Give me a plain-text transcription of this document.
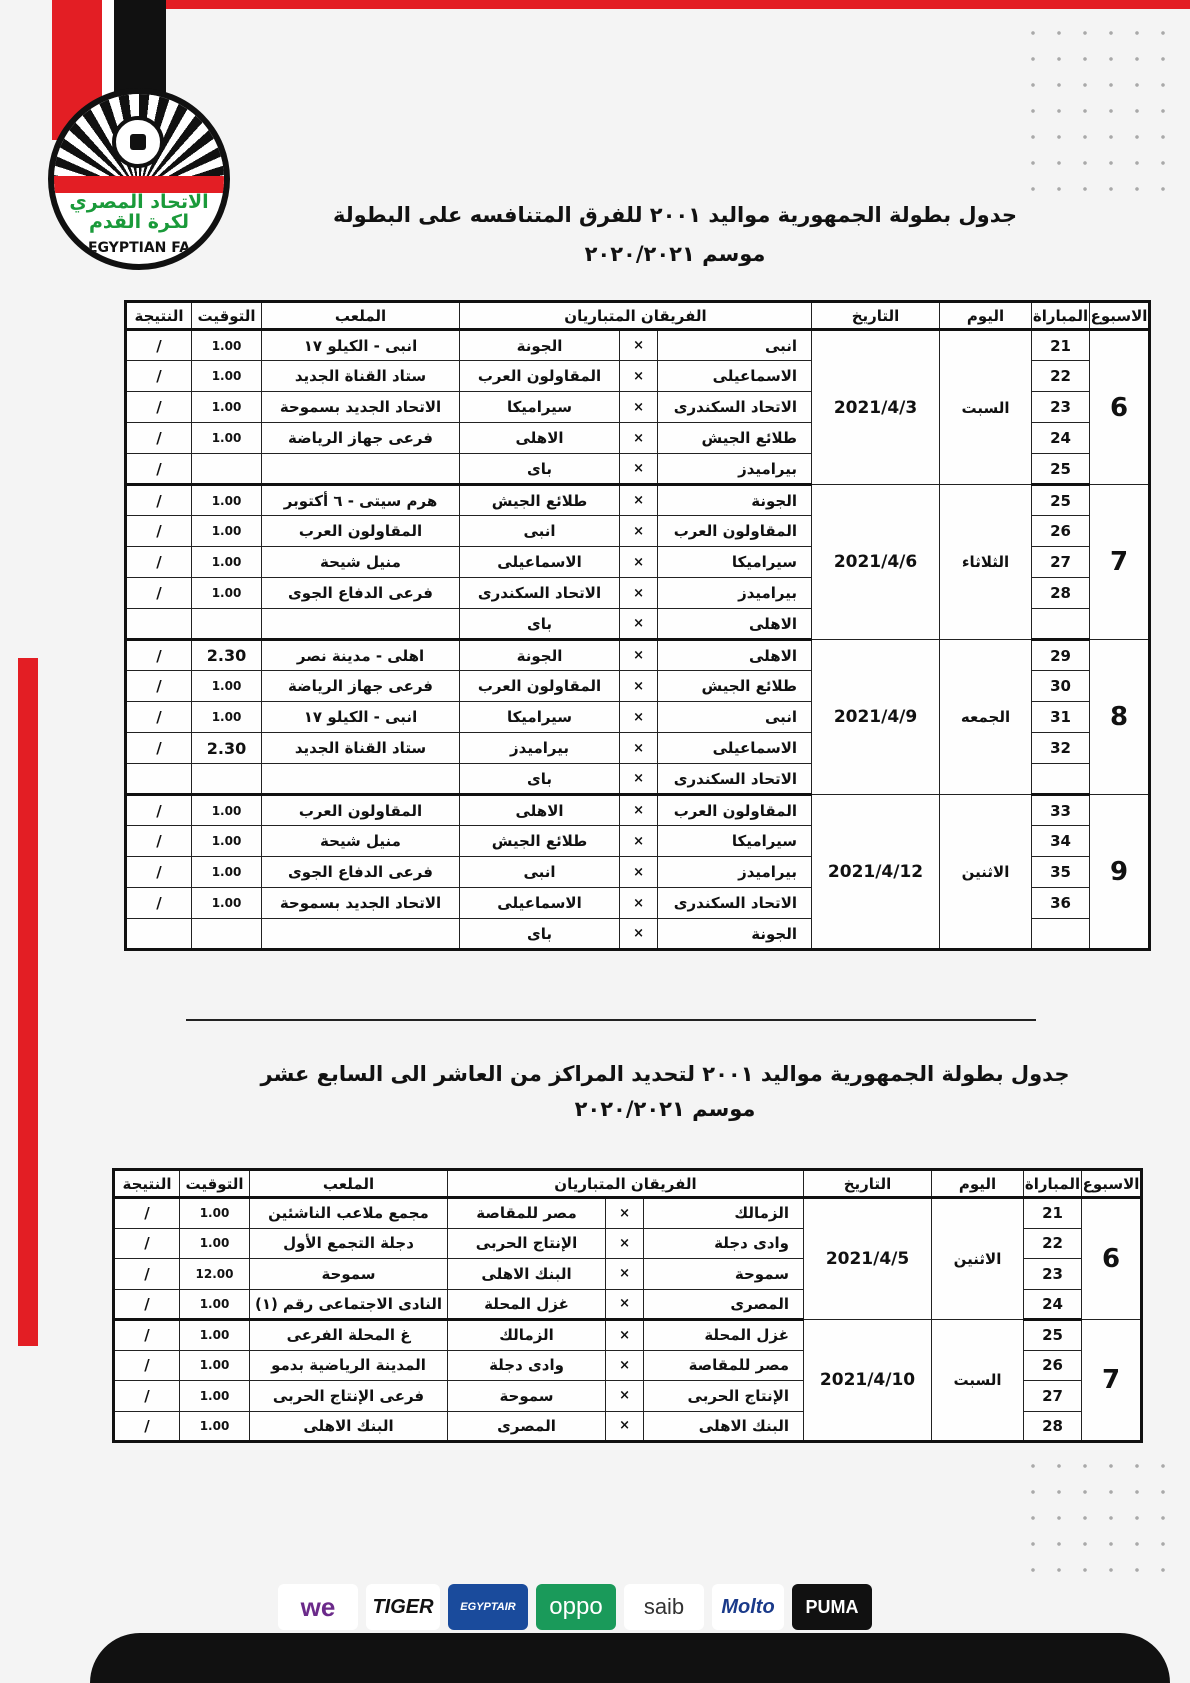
الاتحاد المصري
لكرة القدم
EGYPTIAN FA
جدول بطولة الجمهورية مواليد ٢٠٠١ للفرق المتنافسه على البطولة
موسم ٢٠٢٠/٢٠٢١
الاسبوع	المباراة	اليوم	التاريخ	الفريقان المتباريان			الملعب	التوقيت	النتيجة
6	21	السبت	2021/4/3	انبى	×	الجونة	انبى - الكيلو ١٧	1.00	/
	22			الاسماعيلى	×	المقاولون العرب	ستاد القناة الجديد	1.00	/
	23			الاتحاد السكندرى	×	سيراميكا	الاتحاد الجديد بسموحة	1.00	/
	24			طلائع الجيش	×	الاهلى	فرعى جهاز الرياضة	1.00	/
	25			بيراميدز	×	باى			/
7	25	الثلاثاء	2021/4/6	الجونة	×	طلائع الجيش	هرم سيتى - ٦ أكتوبر	1.00	/
	26			المقاولون العرب	×	انبى	المقاولون العرب	1.00	/
	27			سيراميكا	×	الاسماعيلى	منيل شيحة	1.00	/
	28			بيراميدز	×	الاتحاد السكندرى	فرعى الدفاع الجوى	1.00	/
				الاهلى	×	باى			
8	29	الجمعه	2021/4/9	الاهلى	×	الجونة	اهلى - مدينة نصر	2.30	/
	30			طلائع الجيش	×	المقاولون العرب	فرعى جهاز الرياضة	1.00	/
	31			انبى	×	سيراميكا	انبى - الكيلو ١٧	1.00	/
	32			الاسماعيلى	×	بيراميدز	ستاد القناة الجديد	2.30	/
				الاتحاد السكندرى	×	باى			
9	33	الاثنين	2021/4/12	المقاولون العرب	×	الاهلى	المقاولون العرب	1.00	/
	34			سيراميكا	×	طلائع الجيش	منيل شيحة	1.00	/
	35			بيراميدز	×	انبى	فرعى الدفاع الجوى	1.00	/
	36			الاتحاد السكندرى	×	الاسماعيلى	الاتحاد الجديد بسموحة	1.00	/
				الجونة	×	باى			
جدول بطولة الجمهورية مواليد ٢٠٠١ لتحديد المراكز من العاشر الى السابع عشر
موسم ٢٠٢٠/٢٠٢١
الاسبوع	المباراة	اليوم	التاريخ	الفريقان المتباريان			الملعب	التوقيت	النتيجة
6	21	الاثنين	2021/4/5	الزمالك	×	مصر للمقاصة	مجمع ملاعب الناشئين	1.00	/
	22			وادى دجلة	×	الإنتاج الحربى	دجلة التجمع الأول	1.00	/
	23			سموحة	×	البنك الاهلى	سموحة	12.00	/
	24			المصرى	×	غزل المحلة	النادى الاجتماعى رقم (١)	1.00	/
7	25	السبت	2021/4/10	غزل المحلة	×	الزمالك	غ المحلة الفرعى	1.00	/
	26			مصر للمقاصة	×	وادى دجلة	المدينة الرياضية بدمو	1.00	/
	27			الإنتاج الحربى	×	سموحة	فرعى الإنتاج الحربى	1.00	/
	28			البنك الاهلى	×	المصرى	البنك الاهلى	1.00	/
we	TIGER	EGYPTAIR	oppo	saib	Molto	PUMA
